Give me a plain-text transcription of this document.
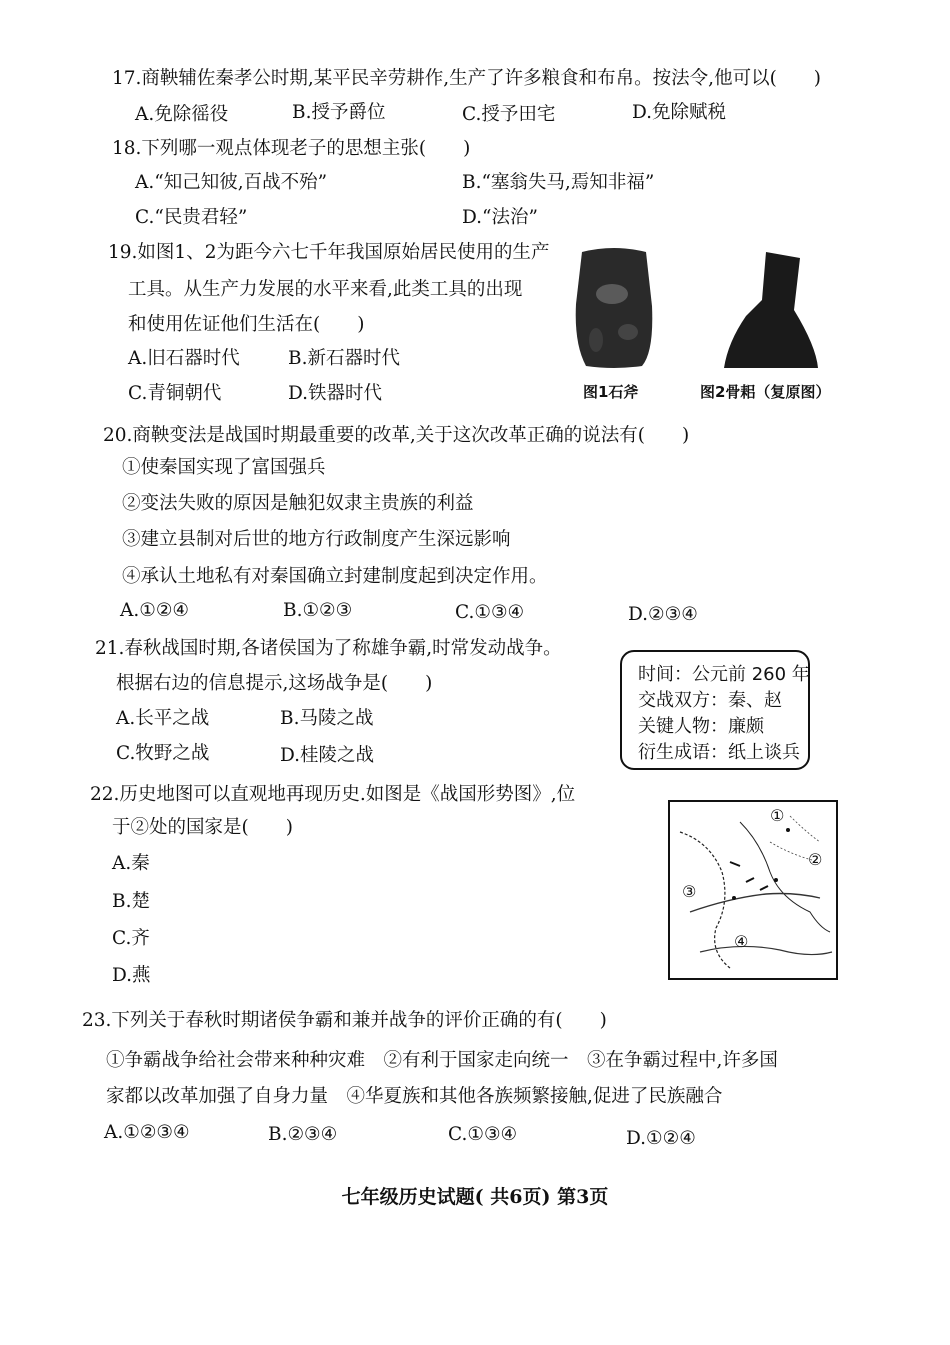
17.商鞅辅佐秦孝公时期,某平民辛劳耕作,生产了许多粮食和布帛。按法令,他可以(　　)
A.免除徭役	B.授予爵位	C.授予田宅	D.免除赋税
18.下列哪一观点体现老子的思想主张(　　)
A.“知己知彼,百战不殆”	B.“塞翁失马,焉知非福”
C.“民贵君轻”	D.“法治”
19.如图1、2为距今六七千年我国原始居民使用的生产
工具。从生产力发展的水平来看,此类工具的出现
和使用佐证他们生活在(　　)
A.旧石器时代	B.新石器时代
C.青铜朝代	D.铁器时代	图1石斧	图2骨耜（复原图）
20.商鞅变法是战国时期最重要的改革,关于这次改革正确的说法有(　　)
①使秦国实现了富国强兵
②变法失败的原因是触犯奴隶主贵族的利益
③建立县制对后世的地方行政制度产生深远影响
④承认土地私有对秦国确立封建制度起到决定作用。
A.①②④	B.①②③	C.①③④	D.②③④
21.春秋战国时期,各诸侯国为了称雄争霸,时常发动战争。
根据右边的信息提示,这场战争是(　　)
A.长平之战	B.马陵之战
C.牧野之战	D.桂陵之战
时间：公元前 260 年
交战双方：秦、赵
关键人物：廉颇
衍生成语：纸上谈兵
22.历史地图可以直观地再现历史.如图是《战国形势图》,位
于②处的国家是(　　)
A.秦
B.楚
C.齐
D.燕
①
②
③
④
23.下列关于春秋时期诸侯争霸和兼并战争的评价正确的有(　　)
①争霸战争给社会带来种种灾难　②有利于国家走向统一　③在争霸过程中,许多国
家都以改革加强了自身力量　④华夏族和其他各族频繁接触,促进了民族融合
A.①②③④	B.②③④	C.①③④	D.①②④
七年级历史试题( 共6页) 第3页
